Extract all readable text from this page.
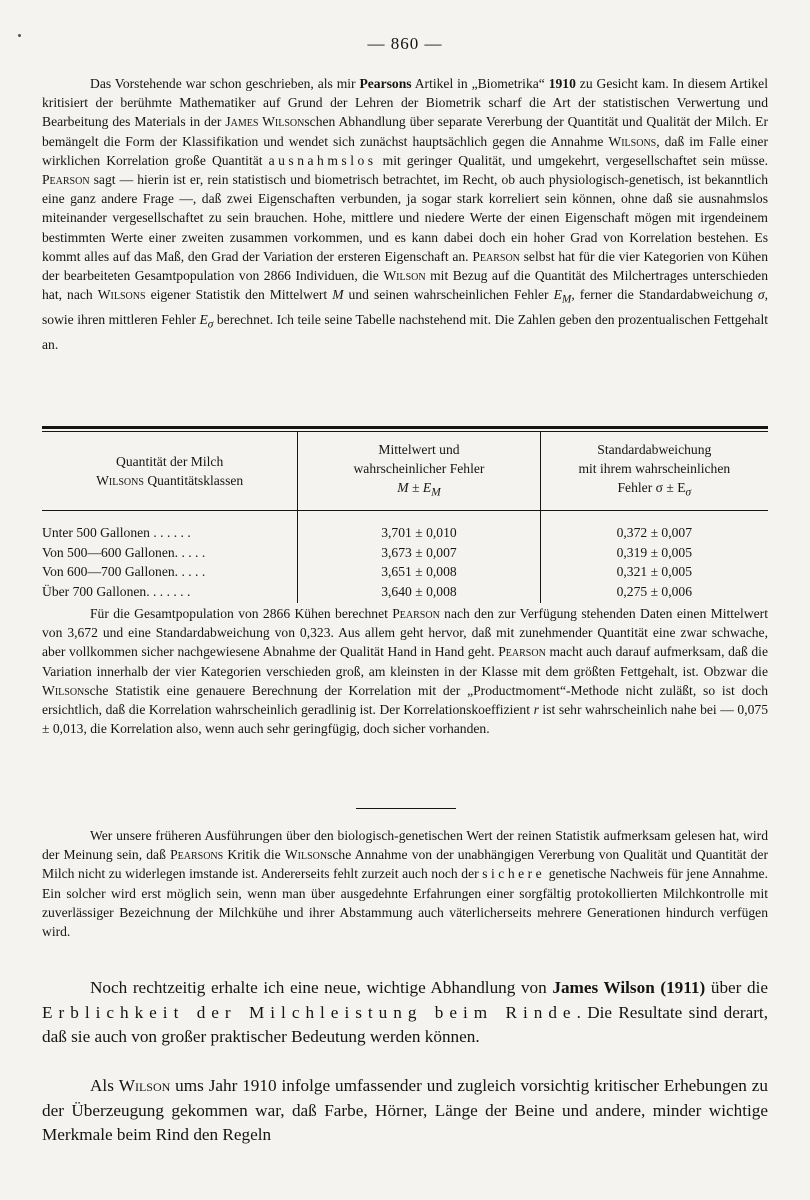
— 860 —

Das Vorstehende war schon geschrieben, als mir Pearsons Artikel in „Biometrika“ 1910 zu Gesicht kam. In diesem Artikel kritisiert der berühmte Mathematiker auf Grund der Lehren der Biometrik scharf die Art der statistischen Verwertung und Bearbeitung des Materials in der James Wilsonschen Abhandlung über separate Vererbung der Quantität und Qualität der Milch. Er bemängelt die Form der Klassifikation und wendet sich zunächst hauptsächlich gegen die Annahme Wilsons, daß im Falle einer wirklichen Korrelation große Quantität ausnahmslos mit geringer Qualität, und umgekehrt, vergesellschaftet sein müsse. Pearson sagt — hierin ist er, rein statistisch und biometrisch betrachtet, im Recht, ob auch physiologisch-genetisch, ist bekanntlich eine ganz andere Frage —, daß zwei Eigenschaften verbunden, ja sogar stark korreliert sein können, ohne daß sie ausnahmslos miteinander vergesellschaftet zu sein brauchen. Hohe, mittlere und niedere Werte der einen Eigenschaft mögen mit irgendeinem bestimmten Werte einer zweiten zusammen vorkommen, und es kann dabei doch ein hoher Grad von Korrelation bestehen. Es kommt alles auf das Maß, den Grad der Variation der ersteren Eigenschaft an. Pearson selbst hat für die vier Kategorien von Kühen der bearbeiteten Gesamtpopulation von 2866 Individuen, die Wilson mit Bezug auf die Quantität des Milchertrages unterschieden hat, nach Wilsons eigener Statistik den Mittelwert M und seinen wahrscheinlichen Fehler $E_M$, ferner die Standardabweichung σ, sowie ihren mittleren Fehler $E_\sigma$ berechnet. Ich teile seine Tabelle nachstehend mit. Die Zahlen geben den prozentualischen Fettgehalt an.

Quantität der Milch
Wilsons Quantitätsklassen
Mittelwert und
wahrscheinlicher Fehler
$M \pm E_M$
Standardabweichung
mit ihrem wahrscheinlichen
Fehler $\sigma \pm E_\sigma$
Unter 500 Gallonen . . . . . .
Von 500—600 Gallonen. . . . .
Von 600—700 Gallonen. . . . .
Über 700 Gallonen. . . . . . .
3,701 ± 0,010
3,673 ± 0,007
3,651 ± 0,008
3,640 ± 0,008
0,372 ± 0,007
0,319 ± 0,005
0,321 ± 0,005
0,275 ± 0,006

Für die Gesamtpopulation von 2866 Kühen berechnet Pearson nach den zur Verfügung stehenden Daten einen Mittelwert von 3,672 und eine Standardabweichung von 0,323. Aus allem geht hervor, daß mit zunehmender Quantität eine zwar schwache, aber vollkommen sicher nachgewiesene Abnahme der Qualität Hand in Hand geht. Pearson macht auch darauf aufmerksam, daß die Variation innerhalb der vier Kategorien verschieden groß, am kleinsten in der Klasse mit dem größten Fettgehalt, ist. Obzwar die Wilsonsche Statistik eine genauere Berechnung der Korrelation mit der „Productmoment“-Methode nicht zuläßt, so ist doch ersichtlich, daß die Korrelation wahrscheinlich geradlinig ist. Der Korrelationskoeffizient r ist sehr wahrscheinlich nahe bei — 0,075 ± 0,013, die Korrelation also, wenn auch sehr geringfügig, doch sicher vorhanden.

Wer unsere früheren Ausführungen über den biologisch-genetischen Wert der reinen Statistik aufmerksam gelesen hat, wird der Meinung sein, daß Pearsons Kritik die Wilsonsche Annahme von der unabhängigen Vererbung von Qualität und Quantität der Milch nicht zu widerlegen imstande ist. Andererseits fehlt zurzeit auch noch der sichere genetische Nachweis für jene Annahme. Ein solcher wird erst möglich sein, wenn man über ausgedehnte Erfahrungen einer sorgfältig protokollierten Milchkontrolle mit zuverlässiger Bezeichnung der Milchkühe und ihrer Abstammung auch väterlicherseits mehrere Generationen hindurch verfügen wird.

Noch rechtzeitig erhalte ich eine neue, wichtige Abhandlung von James Wilson (1911) über die Erblichkeit der Milchleistung beim Rinde. Die Resultate sind derart, daß sie auch von großer praktischer Bedeutung werden können.

Als Wilson ums Jahr 1910 infolge umfassender und zugleich vorsichtig kritischer Erhebungen zu der Überzeugung gekommen war, daß Farbe, Hörner, Länge der Beine und andere, minder wichtige Merkmale beim Rind den Regeln
